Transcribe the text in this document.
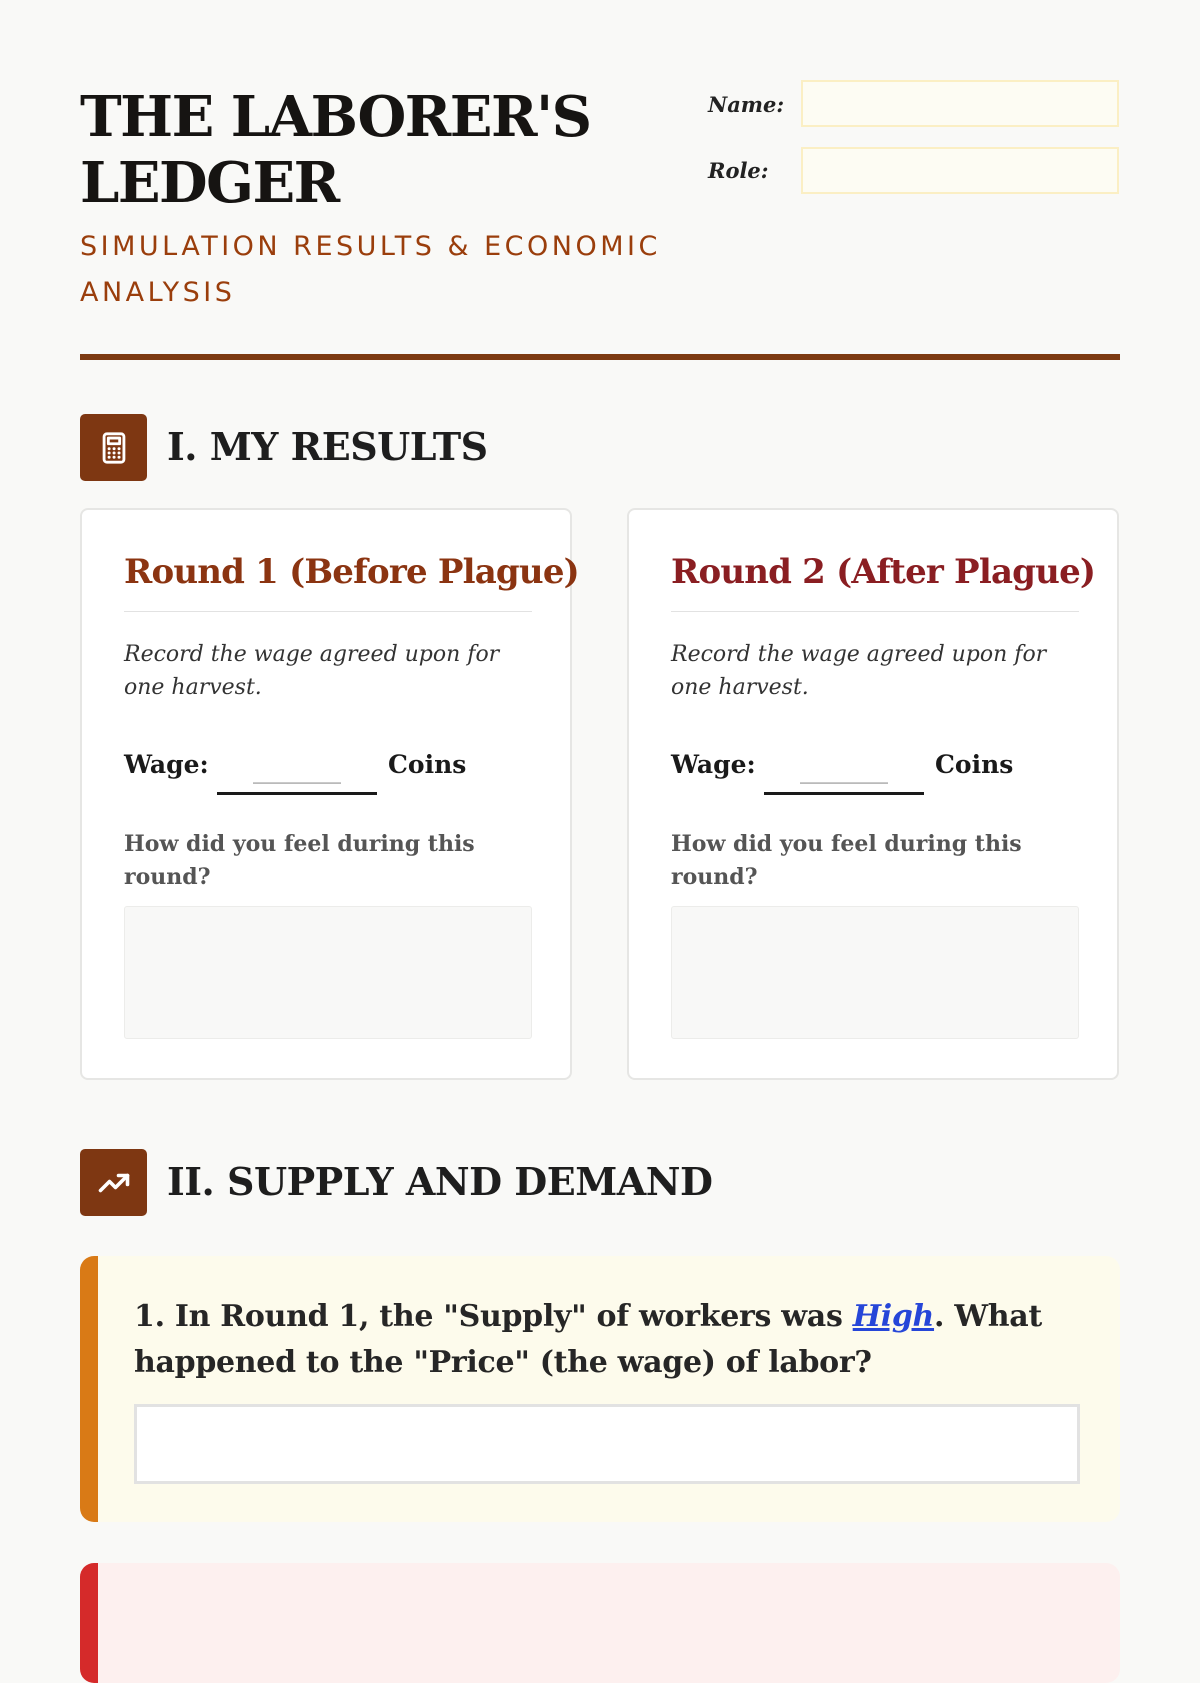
THE LABORER'S LEDGER
SIMULATION RESULTS & ECONOMIC ANALYSIS
Name:
Role:
I. MY RESULTS
Round 1 (Before Plague)
Record the wage agreed upon for one harvest.
Wage:
________	Coins
How did you feel during this round?
Round 2 (After Plague)
Record the wage agreed upon for one harvest.
Wage:
________	Coins
How did you feel during this round?
II. SUPPLY AND DEMAND
1. In Round 1, the "Supply" of workers was High. What happened to the "Price" (the wage) of labor?
